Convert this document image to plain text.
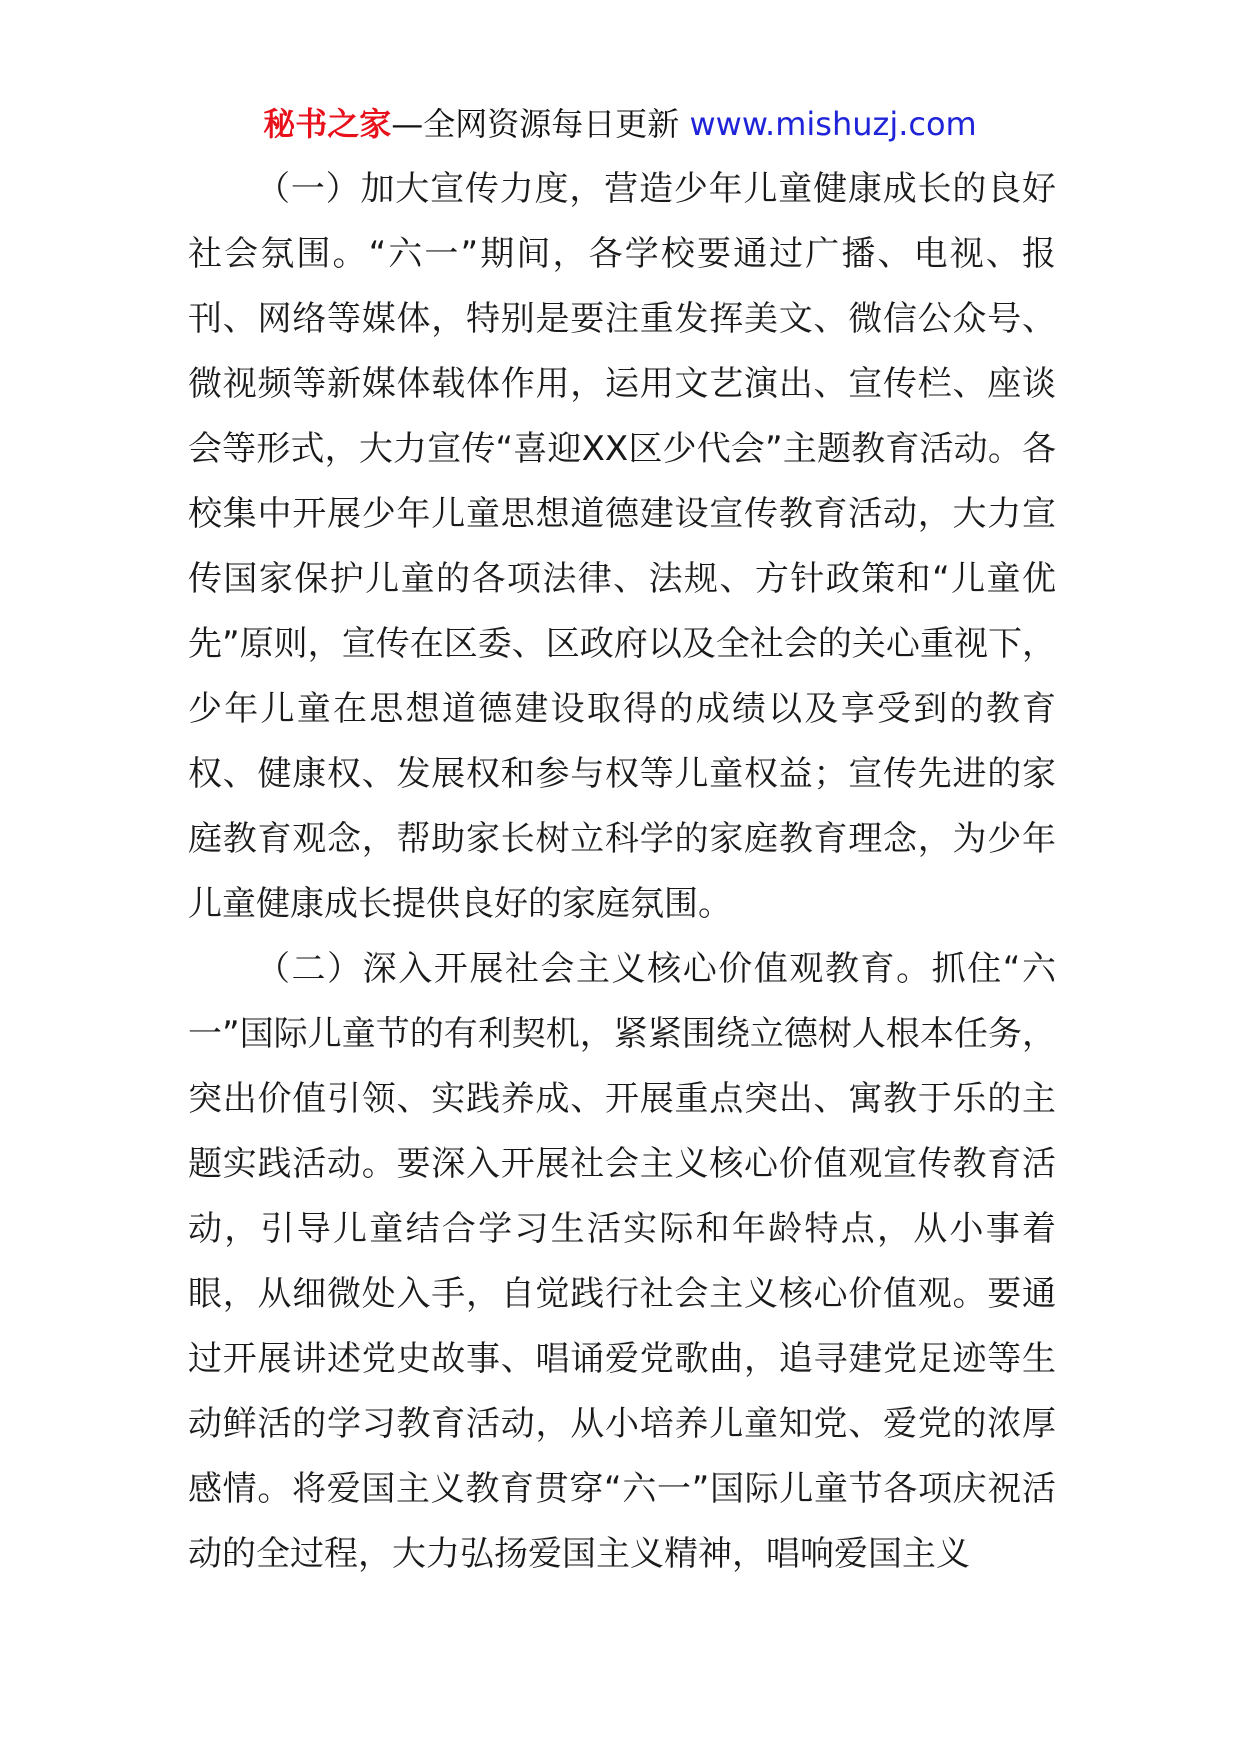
秘书之家—全网资源每日更新 www.mishuzj.com

（一）加大宣传力度，营造少年儿童健康成长的良好社会氛围。“六一”期间，各学校要通过广播、电视、报刊、网络等媒体，特别是要注重发挥美文、微信公众号、微视频等新媒体载体作用，运用文艺演出、宣传栏、座谈会等形式，大力宣传“喜迎XX区少代会”主题教育活动。各校集中开展少年儿童思想道德建设宣传教育活动，大力宣传国家保护儿童的各项法律、法规、方针政策和“儿童优先”原则，宣传在区委、区政府以及全社会的关心重视下，少年儿童在思想道德建设取得的成绩以及享受到的教育权、健康权、发展权和参与权等儿童权益；宣传先进的家庭教育观念，帮助家长树立科学的家庭教育理念，为少年儿童健康成长提供良好的家庭氛围。

（二）深入开展社会主义核心价值观教育。抓住“六一”国际儿童节的有利契机，紧紧围绕立德树人根本任务，突出价值引领、实践养成、开展重点突出、寓教于乐的主题实践活动。要深入开展社会主义核心价值观宣传教育活动，引导儿童结合学习生活实际和年龄特点，从小事着眼，从细微处入手，自觉践行社会主义核心价值观。要通过开展讲述党史故事、唱诵爱党歌曲，追寻建党足迹等生动鲜活的学习教育活动，从小培养儿童知党、爱党的浓厚感情。将爱国主义教育贯穿“六一”国际儿童节各项庆祝活动的全过程，大力弘扬爱国主义精神，唱响爱国主义
